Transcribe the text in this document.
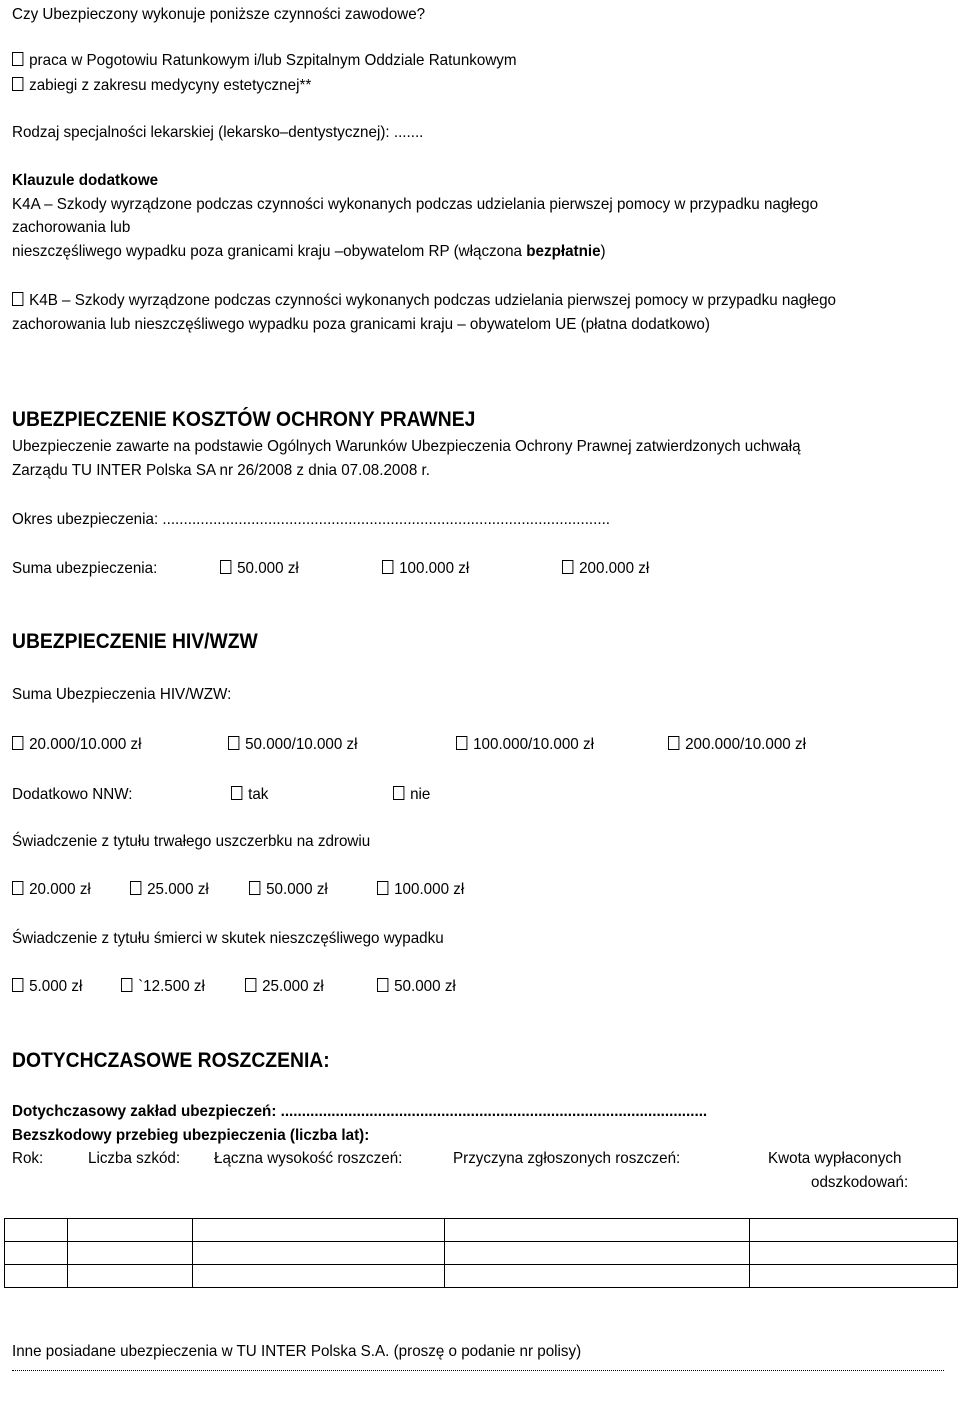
Czy Ubezpieczony wykonuje poniższe czynności zawodowe?
praca w Pogotowiu Ratunkowym i/lub Szpitalnym Oddziale Ratunkowym
zabiegi z zakresu medycyny estetycznej**
Rodzaj specjalności lekarskiej (lekarsko–dentystycznej): .......
Klauzule dodatkowe
K4A – Szkody wyrządzone podczas czynności wykonanych podczas udzielania pierwszej pomocy w przypadku nagłego
zachorowania lub
nieszczęśliwego wypadku poza granicami kraju –obywatelom RP (włączona bezpłatnie)
K4B – Szkody wyrządzone podczas czynności wykonanych podczas udzielania pierwszej pomocy w przypadku nagłego
zachorowania lub nieszczęśliwego wypadku poza granicami kraju – obywatelom UE (płatna dodatkowo)
UBEZPIECZENIE KOSZTÓW OCHRONY PRAWNEJ
Ubezpieczenie zawarte na podstawie Ogólnych Warunków Ubezpieczenia Ochrony Prawnej zatwierdzonych uchwałą
Zarządu TU INTER Polska SA nr 26/2008 z dnia 07.08.2008 r.
Okres ubezpieczenia: ..........................................................................................................
Suma ubezpieczenia:	50.000 zł	100.000 zł	200.000 zł
UBEZPIECZENIE HIV/WZW
Suma Ubezpieczenia HIV/WZW:
20.000/10.000 zł	50.000/10.000 zł	100.000/10.000 zł	200.000/10.000 zł
Dodatkowo NNW:	tak	nie
Świadczenie z tytułu trwałego uszczerbku na zdrowiu
20.000 zł	25.000 zł	50.000 zł	100.000 zł
Świadczenie z tytułu śmierci w skutek nieszczęśliwego wypadku
5.000 zł	`12.500 zł	25.000 zł	50.000 zł
DOTYCHCZASOWE ROSZCZENIA:
Dotychczasowy zakład ubezpieczeń: .....................................................................................................
Bezszkodowy przebieg ubezpieczenia (liczba lat):
Rok:	Liczba szkód: Łączna wysokość roszczeń:	Przyczyna zgłoszonych roszczeń:	Kwota wypłaconych
odszkodowań:

Inne posiadane ubezpieczenia w TU INTER Polska S.A. (proszę o podanie nr polisy)
